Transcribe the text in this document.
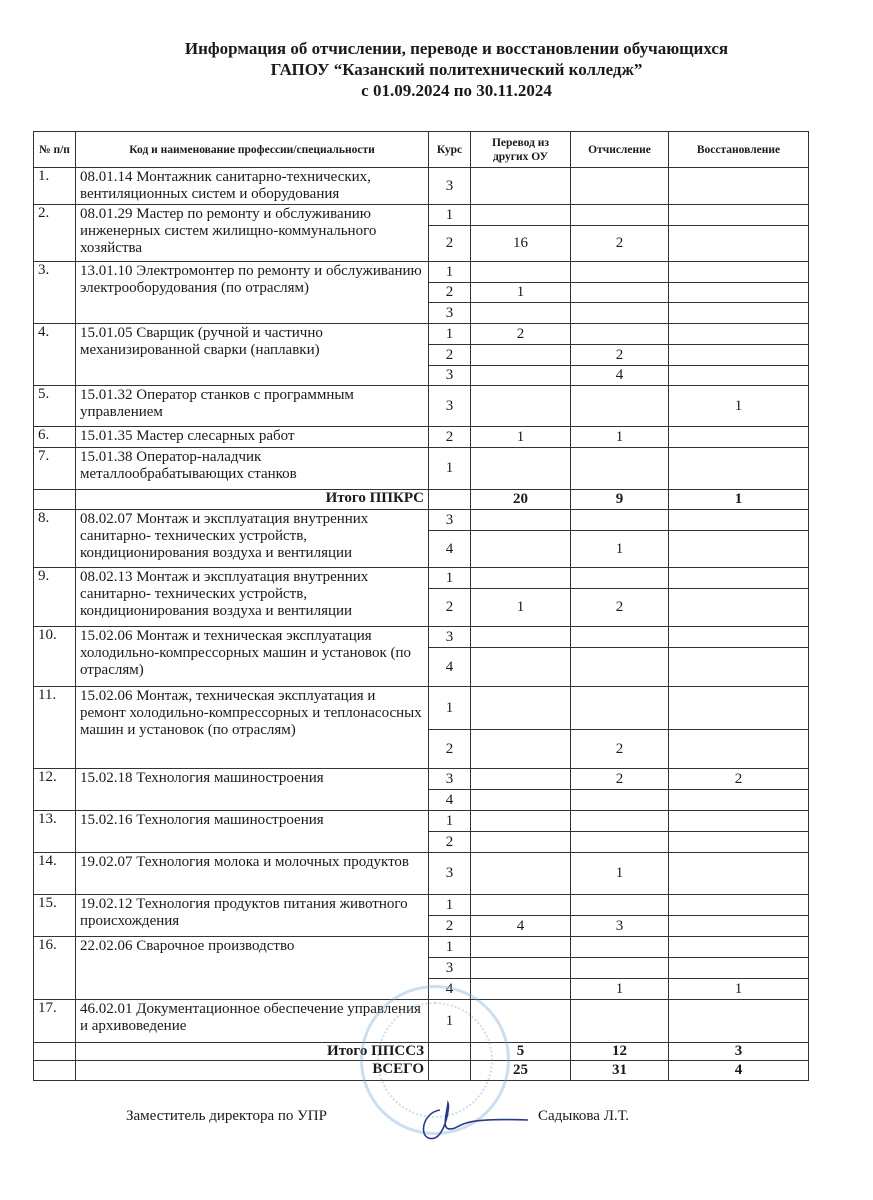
Информация об отчислении, переводе и восстановлении обучающихся
ГАПОУ “Казанский политехнический колледж”
с 01.09.2024 по 30.11.2024
№ п/п	Код и наименование профессии/специальности	Курс	Перевод из других ОУ	Отчисление	Восстановление
1.	08.01.14 Монтажник санитарно-технических, вентиляционных систем и оборудования	3			
2.	08.01.29 Мастер по ремонту и обслуживанию инженерных систем жилищно-коммунального хозяйства	1			
		2	16	2	
3.	13.01.10 Электромонтер по ремонту и обслуживанию электрооборудования (по отраслям)	1			
		2	1		
		3			
4.	15.01.05 Сварщик (ручной и частично механизированной сварки (наплавки)	1	2		
		2		2	
		3		4	
5.	15.01.32 Оператор станков с программным управлением	3			1
6.	15.01.35 Мастер слесарных работ	2	1	1	
7.	15.01.38 Оператор-наладчик металлообрабатывающих станков	1			
	Итого ППКРС		20	9	1
8.	08.02.07 Монтаж и эксплуатация внутренних санитарно- технических устройств, кондиционирования воздуха и вентиляции	3			
		4		1	
9.	08.02.13 Монтаж и эксплуатация внутренних санитарно- технических устройств, кондиционирования воздуха и вентиляции	1			
		2	1	2	
10.	15.02.06 Монтаж и техническая эксплуатация холодильно-компрессорных машин и установок (по отраслям)	3			
		4			
11.	15.02.06 Монтаж, техническая эксплуатация и ремонт холодильно-компрессорных и теплонасосных машин и установок (по отраслям)	1			
		2		2	
12.	15.02.18 Технология машиностроения	3		2	2
		4			
13.	15.02.16 Технология машиностроения	1			
		2			
14.	19.02.07 Технология молока и молочных продуктов	3		1	
15.	19.02.12 Технология продуктов питания животного происхождения	1			
		2	4	3	
16.	22.02.06 Сварочное производство	1			
		3			
		4		1	1
17.	46.02.01 Документационное обеспечение управления и архивоведение	1			
	Итого ППССЗ		5	12	3
	ВСЕГО		25	31	4
Заместитель директора по УПР	Садыкова Л.Т.
